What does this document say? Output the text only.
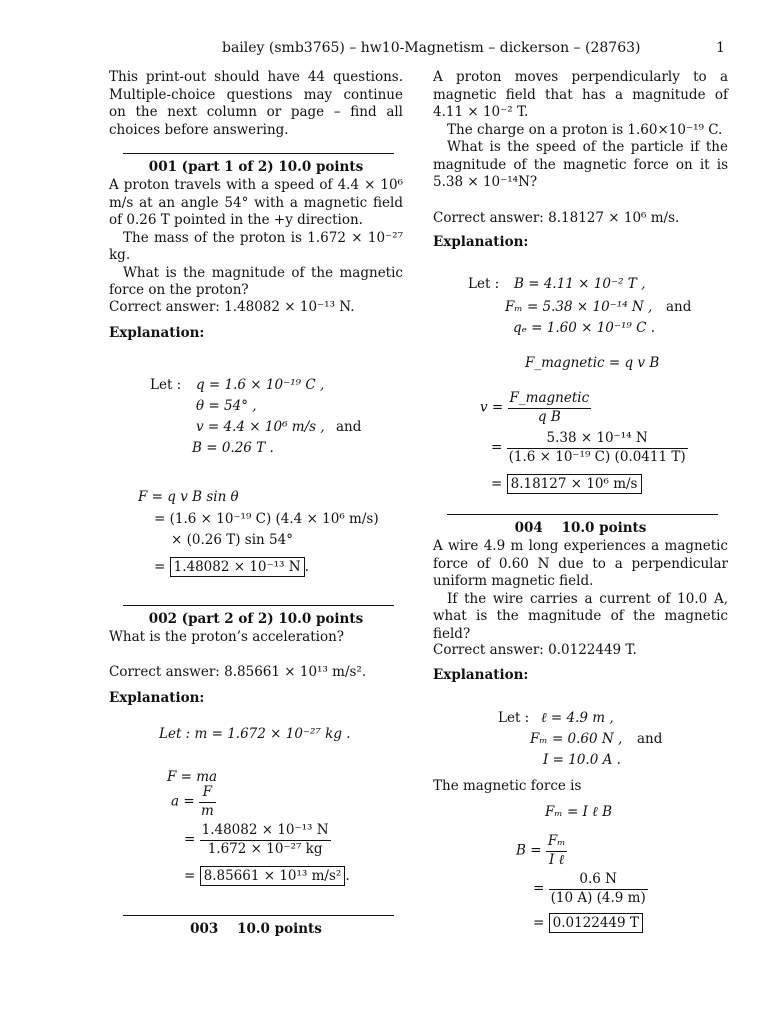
bailey (smb3765) – hw10-Magnetism – dickerson – (28763)	1
This print-out should have 44 questions. Multiple-choice questions may continue on the next column or page – find all choices before answering.
001 (part 1 of 2) 10.0 points
A proton travels with a speed of 4.4 × 10⁶ m/s at an angle 54° with a magnetic field of 0.26 T pointed in the +y direction.
The mass of the proton is 1.672 × 10⁻²⁷ kg.
What is the magnitude of the magnetic force on the proton?
Correct answer: 1.48082 × 10⁻¹³ N.
Explanation:
Let : q = 1.6 × 10⁻¹⁹ C ,
θ = 54° ,
v = 4.4 × 10⁶ m/s , and
B = 0.26 T .
F = q v B sin θ
= (1.6 × 10⁻¹⁹ C) (4.4 × 10⁶ m/s)
× (0.26 T) sin 54°
= 1.48082 × 10⁻¹³ N .
002 (part 2 of 2) 10.0 points
What is the proton’s acceleration?
Correct answer: 8.85661 × 10¹³ m/s².
Explanation:
Let : m = 1.672 × 10⁻²⁷ kg .
F = ma
$a = \frac{F}{m}$
= $\frac{\text{1.48082 × 10⁻¹³ N}}{\text{1.672 × 10⁻²⁷ kg}}$
= 8.85661 × 10¹³ m/s² .
003    10.0 points
A proton moves perpendicularly to a magnetic field that has a magnitude of 4.11 × 10⁻² T.
The charge on a proton is 1.60×10⁻¹⁹ C.
What is the speed of the particle if the magnitude of the magnetic force on it is 5.38 × 10⁻¹⁴N?
Correct answer: 8.18127 × 10⁶ m/s.
Explanation:
Let : B = 4.11 × 10⁻² T ,
Fₘ = 5.38 × 10⁻¹⁴ N , and
qₑ = 1.60 × 10⁻¹⁹ C .
F_magnetic = q v B
$v = \frac{\text{F\_magnetic}}{\text{q B}}$
= $\frac{\text{5.38 × 10⁻¹⁴ N}}{\text{(1.6 × 10⁻¹⁹ C) (0.0411 T)}}$
= 8.18127 × 10⁶ m/s
004    10.0 points
A wire 4.9 m long experiences a magnetic force of 0.60 N due to a perpendicular uniform magnetic field.
If the wire carries a current of 10.0 A, what is the magnitude of the magnetic field?
Correct answer: 0.0122449 T.
Explanation:
Let : ℓ = 4.9 m ,
Fₘ = 0.60 N , and
I = 10.0 A .
The magnetic force is
Fₘ = I ℓ B
$B = \frac{\text{Fₘ}}{\text{I ℓ}}$
= $\frac{0.6 N}{(10 A) (4.9 m)}$
= 0.0122449 T
